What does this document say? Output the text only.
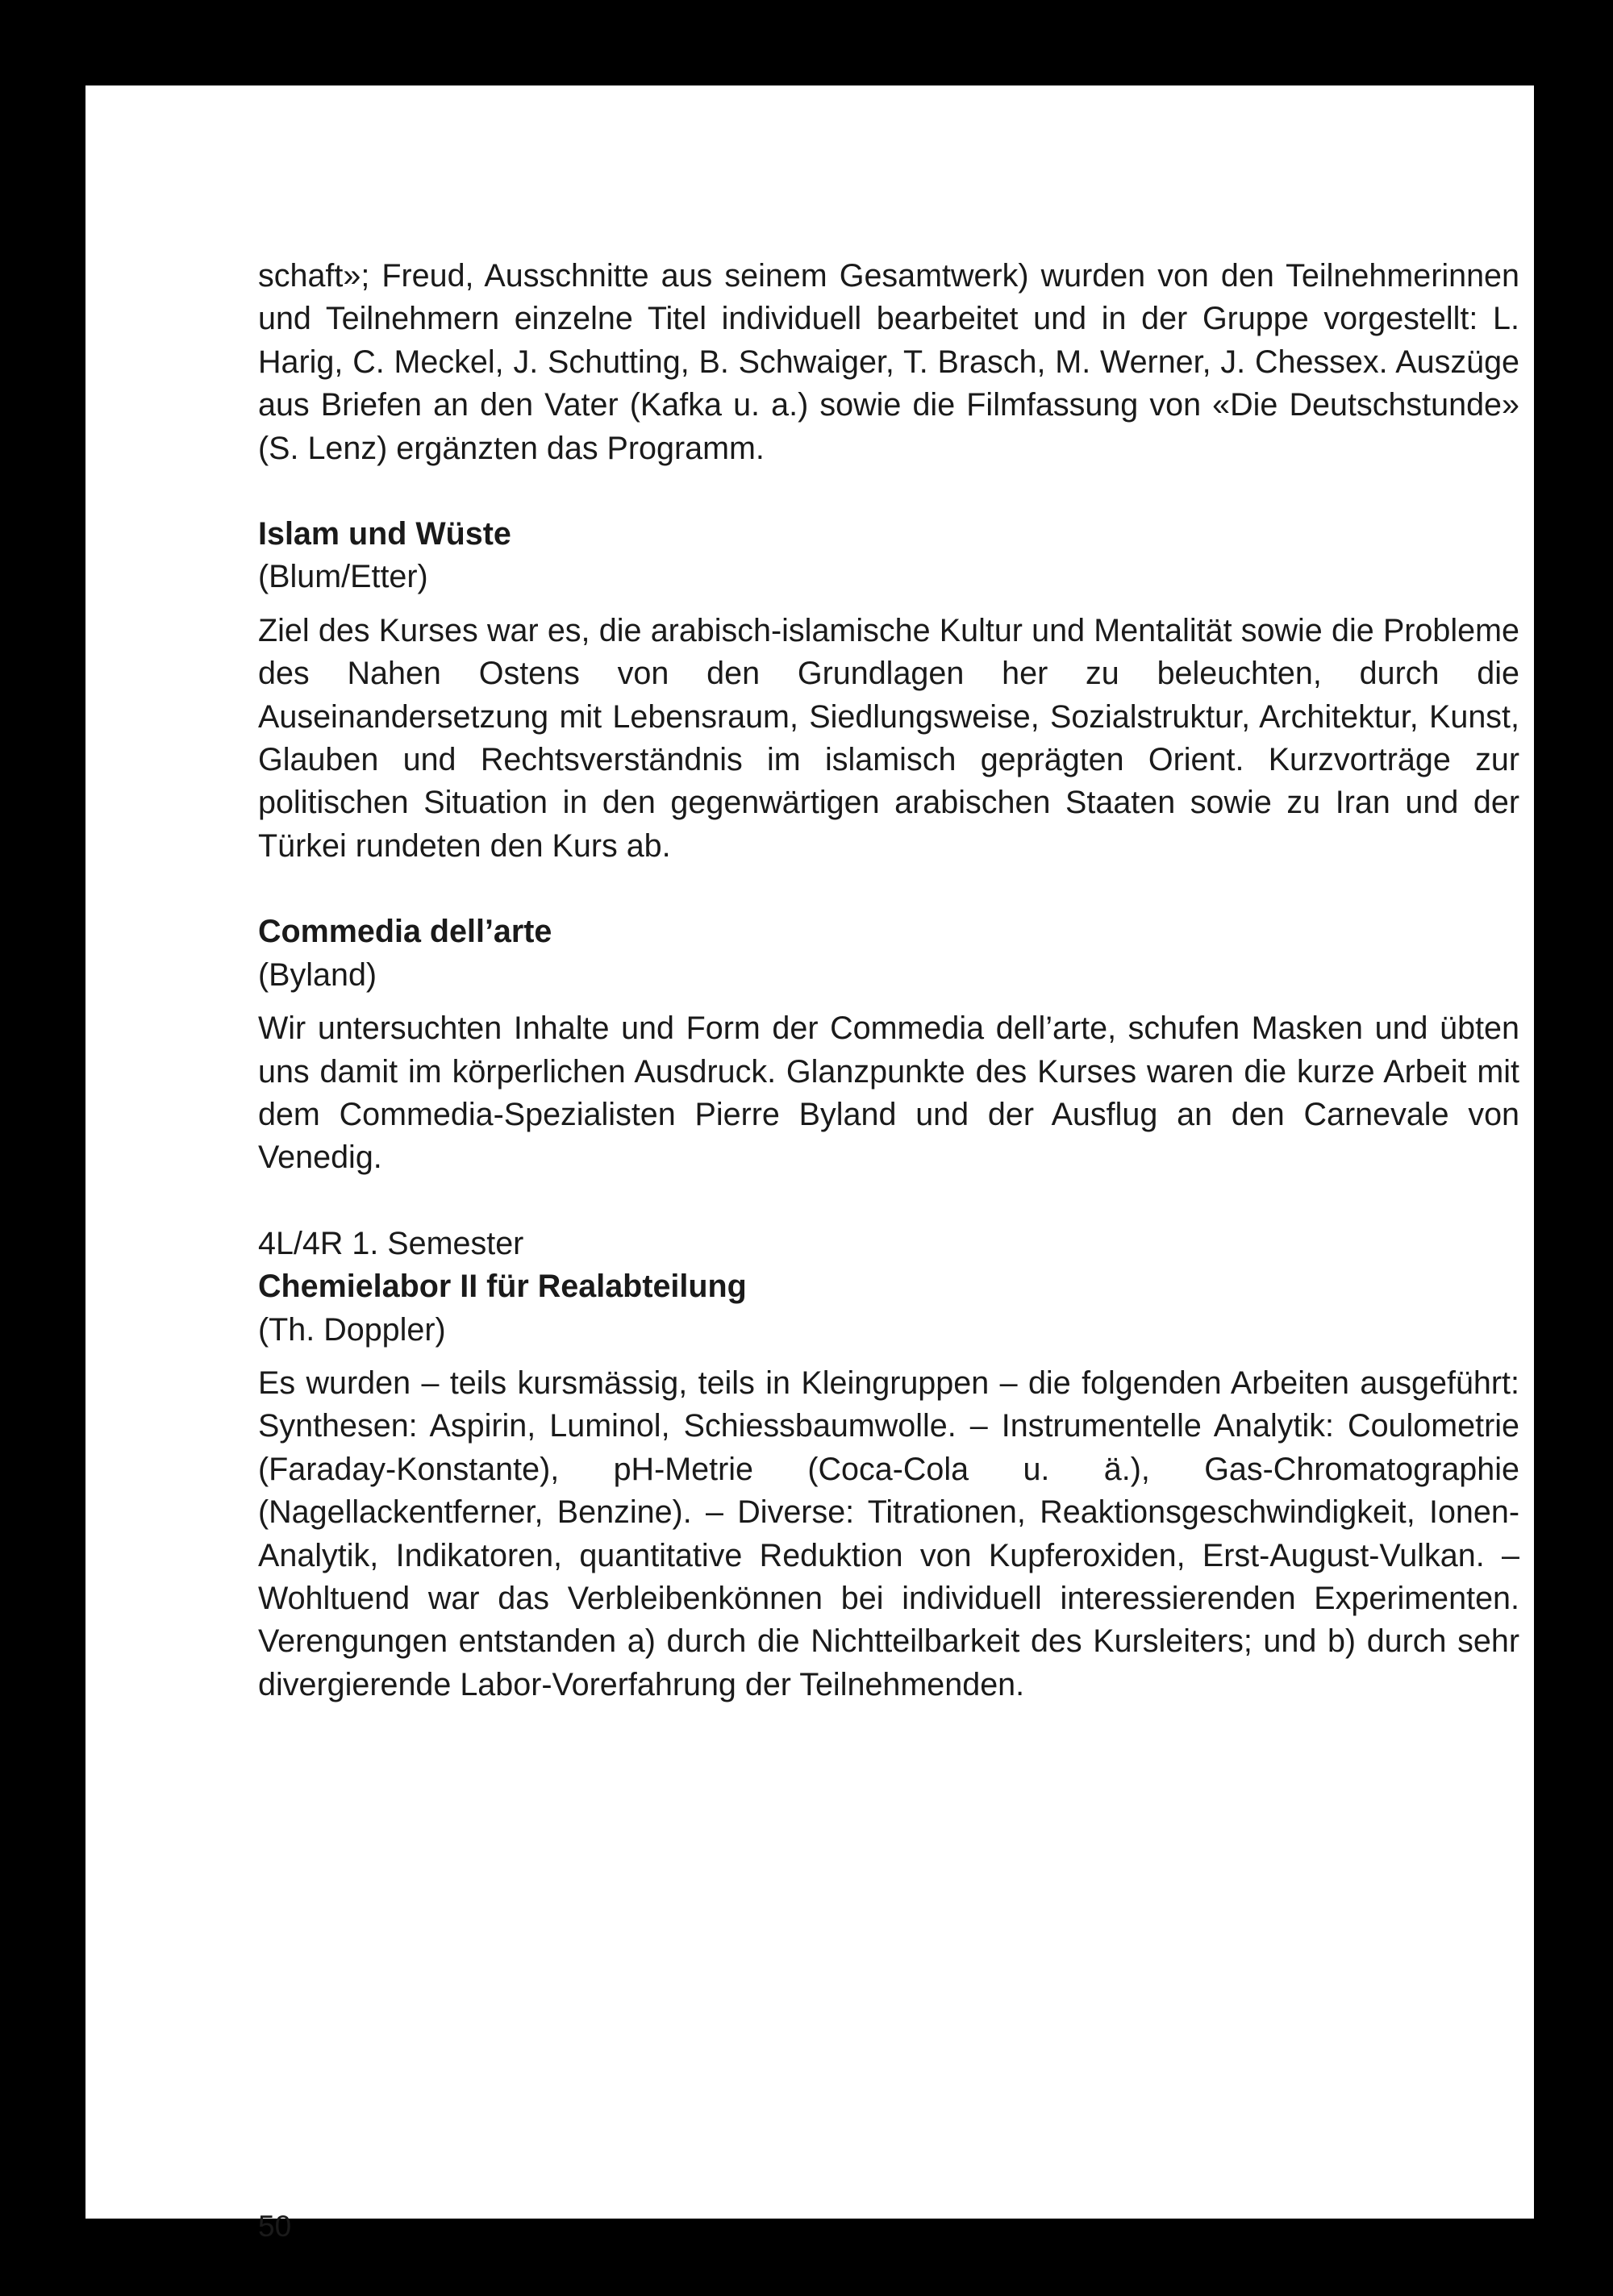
schaft»; Freud, Ausschnitte aus seinem Gesamtwerk) wurden von den Teilnehmerinnen und Teilnehmern einzelne Titel individuell bearbeitet und in der Gruppe vorgestellt: L. Harig, C. Meckel, J. Schutting, B. Schwaiger, T. Brasch, M. Werner, J. Chessex. Auszüge aus Briefen an den Vater (Kafka u. a.) sowie die Filmfassung von «Die Deutschstunde» (S. Lenz) ergänzten das Programm.

Islam und Wüste

(Blum/Etter)

Ziel des Kurses war es, die arabisch-islamische Kultur und Mentalität sowie die Probleme des Nahen Ostens von den Grundlagen her zu beleuchten, durch die Auseinandersetzung mit Lebensraum, Siedlungsweise, Sozialstruktur, Architektur, Kunst, Glauben und Rechtsverständnis im islamisch geprägten Orient. Kurzvorträge zur politischen Situation in den gegenwärtigen arabischen Staaten sowie zu Iran und der Türkei rundeten den Kurs ab.

Commedia dell’arte

(Byland)

Wir untersuchten Inhalte und Form der Commedia dell’arte, schufen Masken und übten uns damit im körperlichen Ausdruck. Glanzpunkte des Kurses waren die kurze Arbeit mit dem Commedia-Spezialisten Pierre Byland und der Ausflug an den Carnevale von Venedig.

4L/4R 1. Semester

Chemielabor II für Realabteilung

(Th. Doppler)

Es wurden – teils kursmässig, teils in Kleingruppen – die folgenden Arbeiten ausgeführt: Synthesen: Aspirin, Luminol, Schiessbaumwolle. – Instrumentelle Analytik: Coulometrie (Faraday-Konstante), pH-Metrie (Coca-Cola u. ä.), Gas-Chromatographie (Nagellackentferner, Benzine). – Diverse: Titrationen, Reaktionsgeschwindigkeit, Ionen-Analytik, Indikatoren, quantitative Reduktion von Kupferoxiden, Erst-August-Vulkan. – Wohltuend war das Verbleibenkönnen bei individuell interessierenden Experimenten. Verengungen entstanden a) durch die Nichtteilbarkeit des Kursleiters; und b) durch sehr divergierende Labor-Vorerfahrung der Teilnehmenden.

50
